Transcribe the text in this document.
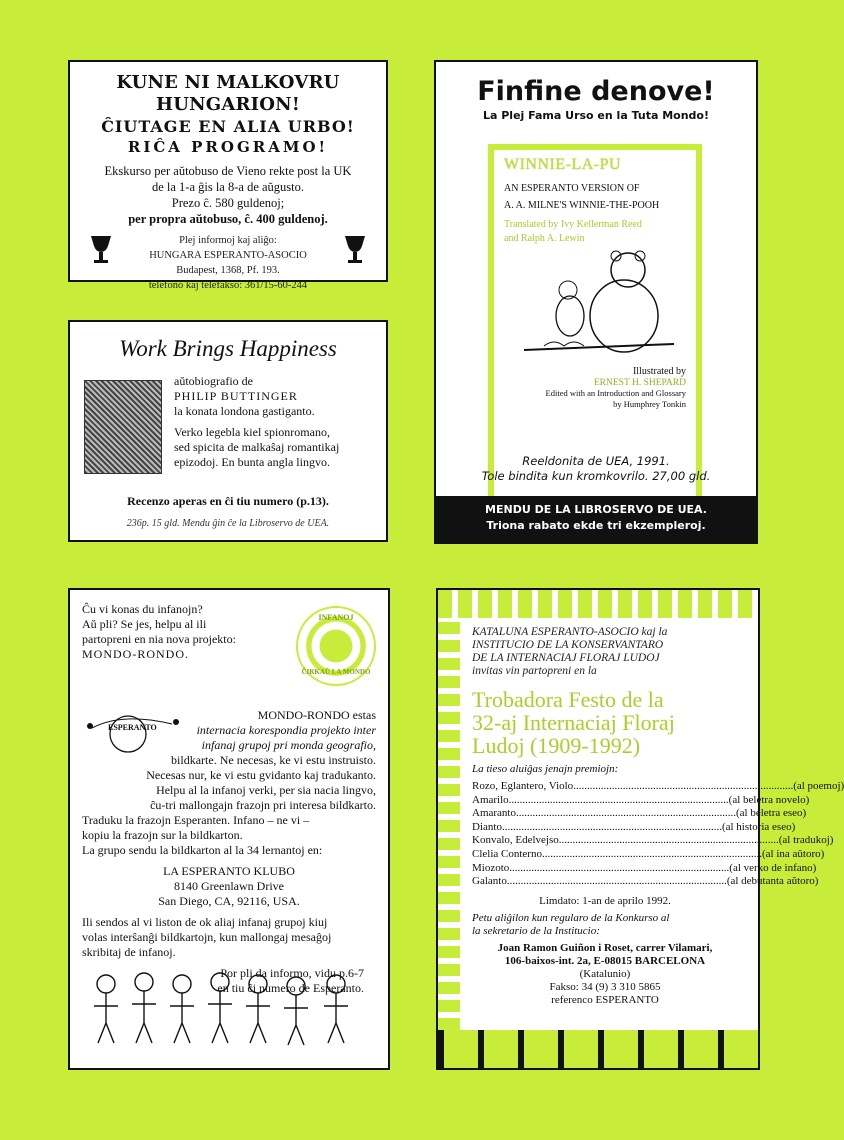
KUNE NI MALKOVRU HUNGARION!
ĈIUTAGE EN ALIA URBO!
RIĈA PROGRAMO!
Ekskurso per aŭtobuso de Vieno rekte post la UK
de la 1-a ĝis la 8-a de aŭgusto.
Prezo ĉ. 580 guldenoj;
per propra aŭtobuso, ĉ. 400 guldenoj.
Plej informoj kaj aliĝo:
HUNGARA ESPERANTO-ASOCIO
Budapest, 1368, Pf. 193.
telefono kaj telefakso: 361/15-60-244
Work Brings Happiness
aŭtobiografio de
PHILIP BUTTINGER
la konata londona gastiganto.
Verko legebla kiel spionromano,
sed spicita de malkaŝaj romantikaj
epizodoj. En bunta angla lingvo.
Recenzo aperas en ĉi tiu numero (p.13).
236p. 15 gld. Mendu ĝin ĉe la Libroservo de UEA.
Finfine denove!
La Plej Fama Urso en la Tuta Mondo!
WINNIE-LA-PU
AN ESPERANTO VERSION OF
A. A. MILNE'S WINNIE-THE-POOH
Translated by Ivy Kellerman Reed
and Ralph A. Lewin
Illustrated by
ERNEST H. SHEPARD
Edited with an Introduction and Glossary
by Humphrey Tonkin
Reeldonita de UEA, 1991.
Tole bindita kun kromkovrilo. 27,00 gld.
MENDU DE LA LIBROSERVO DE UEA.
Triona rabato ekde tri ekzempleroj.
Ĉu vi konas du infanojn?
Aŭ pli? Se jes, helpu al ili
partopreni en nia nova projekto:
MONDO-RONDO.
INFANOJ
ĈIRKAŬ LA MONDO
ESPERANTO
MONDO-RONDO estas
internacia korespondia projekto inter
infanaj grupoj pri monda geografio,
bildkarte. Ne necesas, ke vi estu instruisto.
Necesas nur, ke vi estu gvidanto kaj tradukanto.
Helpu al la infanoj verki, per sia nacia lingvo,
ĉu-tri mallongajn frazojn pri interesa bildkarto.
Traduku la frazojn Esperanten. Infano – ne vi –
kopiu la frazojn sur la bildkarton.
La grupo sendu la bildkarton al la 34 lernantoj en:
LA ESPERANTO KLUBO
8140 Greenlawn Drive
San Diego, CA, 92116, USA.
Ili sendos al vi liston de ok aliaj infanaj grupoj kiuj
volas interŝanĝi bildkartojn, kun mallongaj mesaĝoj
skribitaj de infanoj.
Por pli da informo, vidu p.6-7
en tiu ĉi numero de Esperanto.
KATALUNA ESPERANTO-ASOCIO kaj la
INSTITUCIO DE LA KONSERVANTARO
DE LA INTERNACIAJ FLORAJ LUDOJ
invitas vin partopreni en la
Trobadora Festo de la
32-aj Internaciaj Floraj
Ludoj (1909-1992)
La tieso aluiĝas jenajn premiojn:
Rozo, Eglantero, Violo ................................................................................ (al poemoj)
Amarilo ................................................................................ (al beletra novelo)
Amaranto ................................................................................ (al beletra eseo)
Dianto ................................................................................ (al historia eseo)
Konvalo, Edelvejso ................................................................................ (al tradukoj)
Clelia Conterno ................................................................................ (al ina aŭtoro)
Miozoto ................................................................................ (al verko de infano)
Galanto ................................................................................ (al debutanta aŭtoro)
Limdato: 1-an de aprilo 1992.
Petu aliĝilon kun regularo de la Konkurso al
la sekretario de la Institucio:
Joan Ramon Guiñon i Roset, carrer Vilamari,
106-baixos-int. 2a, E-08015 BARCELONA
(Katalunio)
Fakso: 34 (9) 3 310 5865
referenco ESPERANTO
